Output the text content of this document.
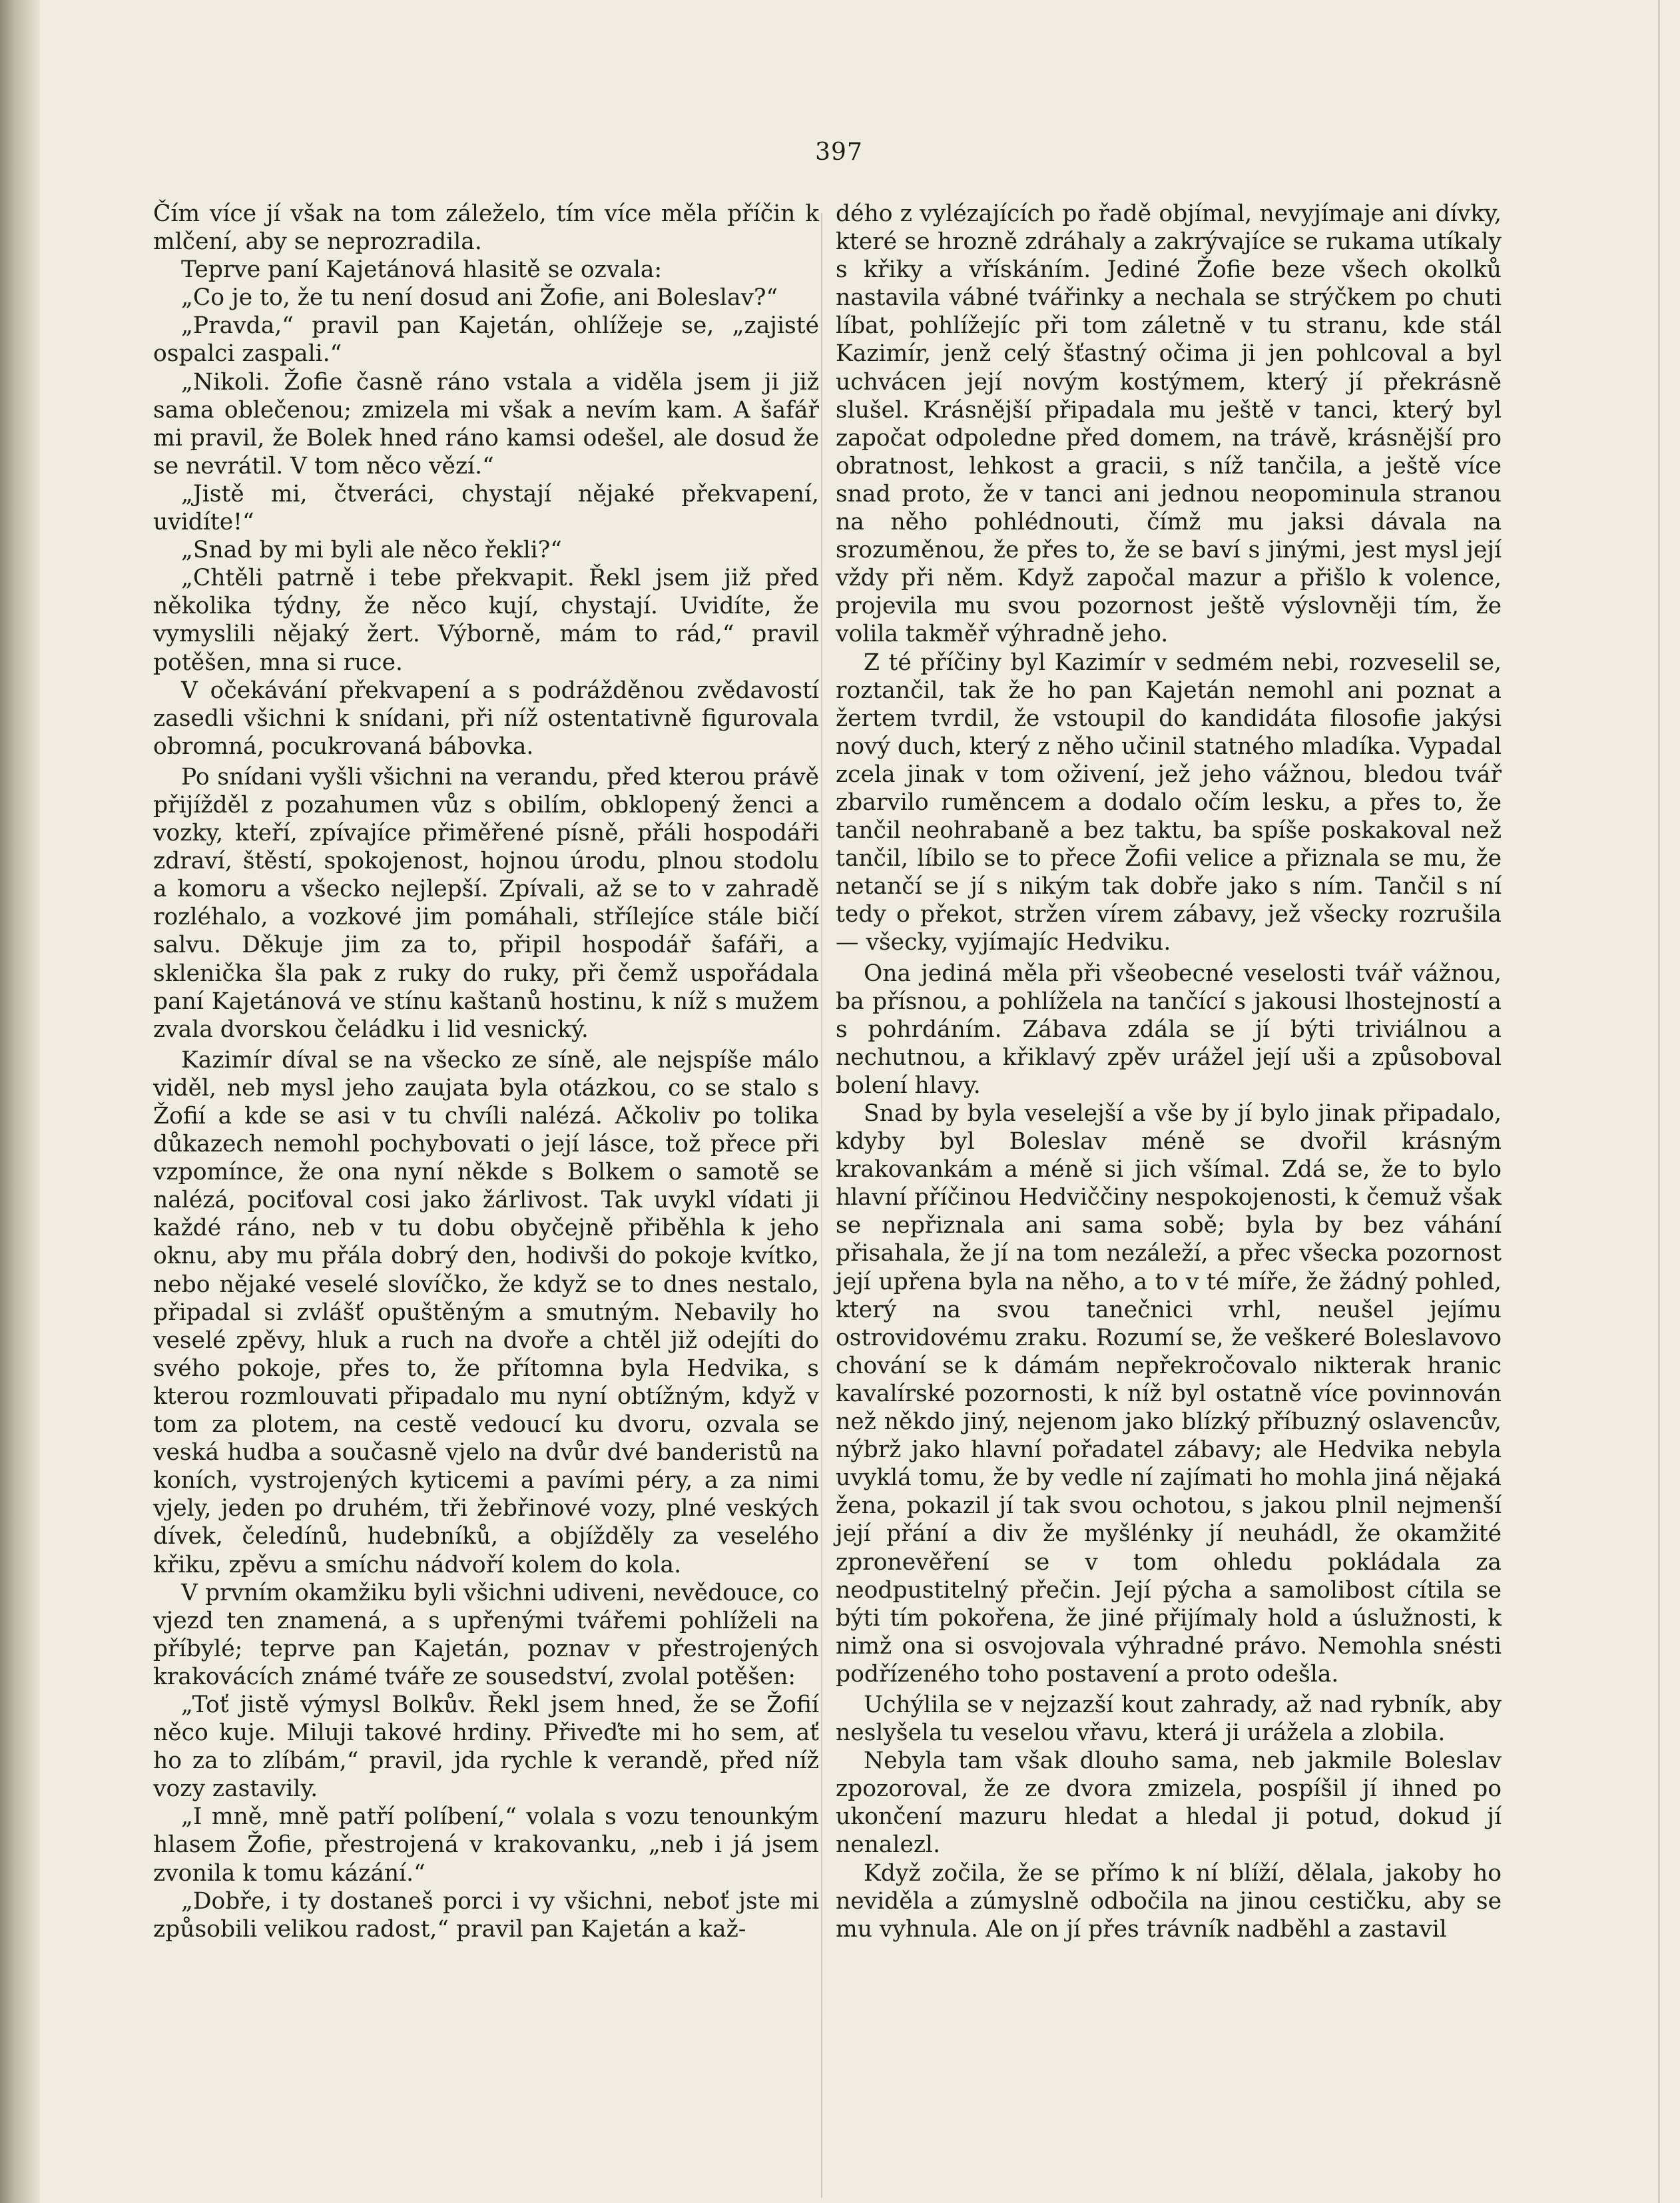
397

Čím více jí však na tom záleželo, tím více měla příčin k mlčení, aby se neprozradila.

Teprve paní Kajetánová hlasitě se ozvala:

„Co je to, že tu není dosud ani Žofie, ani Boleslav?“

„Pravda,“ pravil pan Kajetán, ohlížeje se, „zajisté ospalci zaspali.“

„Nikoli. Žofie časně ráno vstala a viděla jsem ji již sama oblečenou; zmizela mi však a nevím kam. A šafář mi pravil, že Bolek hned ráno kamsi odešel, ale dosud že se nevrátil. V tom něco vězí.“

„Jistě mi, čtveráci, chystají nějaké překvapení, uvidíte!“

„Snad by mi byli ale něco řekli?“

„Chtěli patrně i tebe překvapit. Řekl jsem již před několika týdny, že něco kují, chystají. Uvidíte, že vymyslili nějaký žert. Výborně, mám to rád,“ pravil potěšen, mna si ruce.

V očekávání překvapení a s podrážděnou zvědavostí zasedli všichni k snídani, při níž ostentativně figurovala obromná, pocukrovaná bábovka.

Po snídani vyšli všichni na verandu, před kterou právě přijížděl z pozahumen vůz s obilím, obklopený ženci a vozky, kteří, zpívajíce přiměřené písně, přáli hospodáři zdraví, štěstí, spokojenost, hojnou úrodu, plnou stodolu a komoru a všecko nejlepší. Zpívali, až se to v zahradě rozléhalo, a vozkové jim pomáhali, střílejíce stále bičí salvu. Děkuje jim za to, připil hospodář šafáři, a sklenička šla pak z ruky do ruky, při čemž uspořádala paní Kajetánová ve stínu kaštanů hostinu, k níž s mužem zvala dvorskou čeládku i lid vesnický.

Kazimír díval se na všecko ze síně, ale nejspíše málo viděl, neb mysl jeho zaujata byla otázkou, co se stalo s Žofií a kde se asi v tu chvíli nalézá. Ačkoliv po tolika důkazech nemohl pochybovati o její lásce, tož přece při vzpomínce, že ona nyní někde s Bolkem o samotě se nalézá, pociťoval cosi jako žárlivost. Tak uvykl vídati ji každé ráno, neb v tu dobu obyčejně přiběhla k jeho oknu, aby mu přála dobrý den, hodivši do pokoje kvítko, nebo nějaké veselé slovíčko, že když se to dnes nestalo, připadal si zvlášť opuštěným a smutným. Nebavily ho veselé zpěvy, hluk a ruch na dvoře a chtěl již odejíti do svého pokoje, přes to, že přítomna byla Hedvika, s kterou rozmlouvati připadalo mu nyní obtížným, když v tom za plotem, na cestě vedoucí ku dvoru, ozvala se veská hudba a současně vjelo na dvůr dvé banderistů na koních, vystrojených kyticemi a pavími péry, a za nimi vjely, jeden po druhém, tři žebřinové vozy, plné veských dívek, čeledínů, hudebníků, a objížděly za veselého křiku, zpěvu a smíchu nádvoří kolem do kola.

V prvním okamžiku byli všichni udiveni, nevědouce, co vjezd ten znamená, a s upřenými tvářemi pohlíželi na příbylé; teprve pan Kajetán, poznav v přestrojených krakovácích známé tváře ze sousedství, zvolal potěšen:

„Toť jistě výmysl Bolkův. Řekl jsem hned, že se Žofií něco kuje. Miluji takové hrdiny. Přiveďte mi ho sem, ať ho za to zlíbám,“ pravil, jda rychle k verandě, před níž vozy zastavily.

„I mně, mně patří políbení,“ volala s vozu tenounkým hlasem Žofie, přestrojená v krakovanku, „neb i já jsem zvonila k tomu kázání.“

„Dobře, i ty dostaneš porci i vy všichni, neboť jste mi způsobili velikou radost,“ pravil pan Kajetán a kaž-

dého z vylézajících po řadě objímal, nevyjímaje ani dívky, které se hrozně zdráhaly a zakrývajíce se rukama utíkaly s křiky a vřískáním. Jediné Žofie beze všech okolků nastavila vábné tvářinky a nechala se strýčkem po chuti líbat, pohlížejíc při tom záletně v tu stranu, kde stál Kazimír, jenž celý šťastný očima ji jen pohlcoval a byl uchvácen její novým kostýmem, který jí překrásně slušel. Krásnější připadala mu ještě v tanci, který byl započat odpoledne před domem, na trávě, krásnější pro obratnost, lehkost a gracii, s níž tančila, a ještě více snad proto, že v tanci ani jednou neopominula stranou na něho pohlédnouti, čímž mu jaksi dávala na srozuměnou, že přes to, že se baví s jinými, jest mysl její vždy při něm. Když započal mazur a přišlo k volence, projevila mu svou pozornost ještě výslovněji tím, že volila takměř výhradně jeho.

Z té příčiny byl Kazimír v sedmém nebi, rozveselil se, roztančil, tak že ho pan Kajetán nemohl ani poznat a žertem tvrdil, že vstoupil do kandidáta filosofie jakýsi nový duch, který z něho učinil statného mladíka. Vypadal zcela jinak v tom oživení, jež jeho vážnou, bledou tvář zbarvilo ruměncem a dodalo očím lesku, a přes to, že tančil neohrabaně a bez taktu, ba spíše poskakoval než tančil, líbilo se to přece Žofii velice a přiznala se mu, že netančí se jí s nikým tak dobře jako s ním. Tančil s ní tedy o překot, stržen vírem zábavy, jež všecky rozrušila — všecky, vyjímajíc Hedviku.

Ona jediná měla při všeobecné veselosti tvář vážnou, ba přísnou, a pohlížela na tančící s jakousi lhostejností a s pohrdáním. Zábava zdála se jí býti triviálnou a nechutnou, a křiklavý zpěv urážel její uši a způsoboval bolení hlavy.

Snad by byla veselejší a vše by jí bylo jinak připadalo, kdyby byl Boleslav méně se dvořil krásným krakovankám a méně si jich všímal. Zdá se, že to bylo hlavní příčinou Hedviččiny nespokojenosti, k čemuž však se nepřiznala ani sama sobě; byla by bez váhání přisahala, že jí na tom nezáleží, a přec všecka pozornost její upřena byla na něho, a to v té míře, že žádný pohled, který na svou tanečnici vrhl, neušel jejímu ostrovidovému zraku. Rozumí se, že veškeré Boleslavovo chování se k dámám nepřekročovalo nikterak hranic kavalírské pozornosti, k níž byl ostatně více povinnován než někdo jiný, nejenom jako blízký příbuzný oslavencův, nýbrž jako hlavní pořadatel zábavy; ale Hedvika nebyla uvyklá tomu, že by vedle ní zajímati ho mohla jiná nějaká žena, pokazil jí tak svou ochotou, s jakou plnil nejmenší její přání a div že myšlénky jí neuhádl, že okamžité zpronevěření se v tom ohledu pokládala za neodpustitelný přečin. Její pýcha a samolibost cítila se býti tím pokořena, že jiné přijímaly hold a úslužnosti, k nimž ona si osvojovala výhradné právo. Nemohla snésti podřízeného toho postavení a proto odešla.

Uchýlila se v nejzazší kout zahrady, až nad rybník, aby neslyšela tu veselou vřavu, která ji urážela a zlobila.

Nebyla tam však dlouho sama, neb jakmile Boleslav zpozoroval, že ze dvora zmizela, pospíšil jí ihned po ukončení mazuru hledat a hledal ji potud, dokud jí nenalezl.

Když zočila, že se přímo k ní blíží, dělala, jakoby ho neviděla a zúmyslně odbočila na jinou cestičku, aby se mu vyhnula. Ale on jí přes trávník nadběhl a zastavil
